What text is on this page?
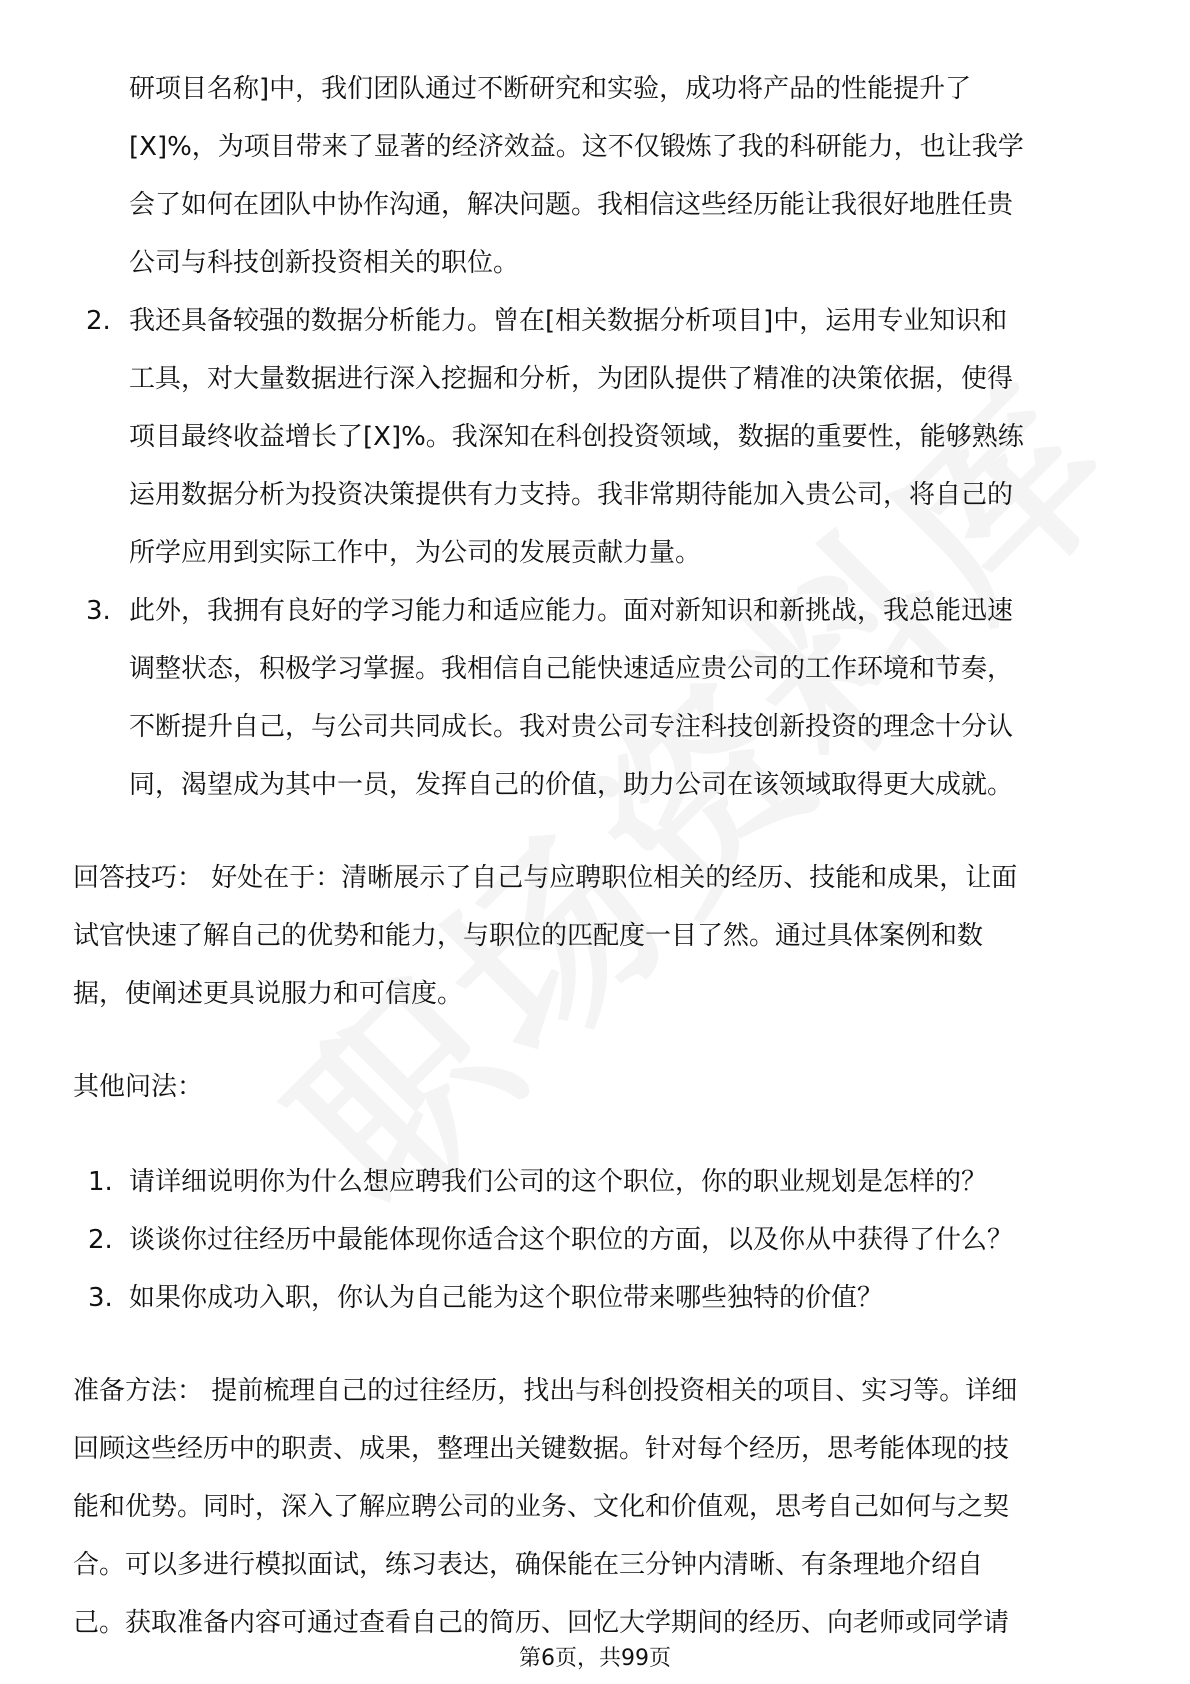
研项目名称]中，我们团队通过不断研究和实验，成功将产品的性能提升了
[X]%，为项目带来了显著的经济效益。这不仅锻炼了我的科研能力，也让我学
会了如何在团队中协作沟通，解决问题。我相信这些经历能让我很好地胜任贵
公司与科技创新投资相关的职位。
2. 我还具备较强的数据分析能力。曾在[相关数据分析项目]中，运用专业知识和
工具，对大量数据进行深入挖掘和分析，为团队提供了精准的决策依据，使得
项目最终收益增长了[X]%。我深知在科创投资领域，数据的重要性，能够熟练
运用数据分析为投资决策提供有力支持。我非常期待能加入贵公司，将自己的
所学应用到实际工作中，为公司的发展贡献力量。
3. 此外，我拥有良好的学习能力和适应能力。面对新知识和新挑战，我总能迅速
调整状态，积极学习掌握。我相信自己能快速适应贵公司的工作环境和节奏，
不断提升自己，与公司共同成长。我对贵公司专注科技创新投资的理念十分认
同，渴望成为其中一员，发挥自己的价值，助力公司在该领域取得更大成就。
回答技巧： 好处在于：清晰展示了自己与应聘职位相关的经历、技能和成果，让面
试官快速了解自己的优势和能力，与职位的匹配度一目了然。通过具体案例和数
据，使阐述更具说服力和可信度。
其他问法：
1. 请详细说明你为什么想应聘我们公司的这个职位，你的职业规划是怎样的？
2. 谈谈你过往经历中最能体现你适合这个职位的方面，以及你从中获得了什么？
3. 如果你成功入职，你认为自己能为这个职位带来哪些独特的价值？
准备方法： 提前梳理自己的过往经历，找出与科创投资相关的项目、实习等。详细
回顾这些经历中的职责、成果，整理出关键数据。针对每个经历，思考能体现的技
能和优势。同时，深入了解应聘公司的业务、文化和价值观，思考自己如何与之契
合。可以多进行模拟面试，练习表达，确保能在三分钟内清晰、有条理地介绍自
己。获取准备内容可通过查看自己的简历、回忆大学期间的经历、向老师或同学请
第6页，共99页
